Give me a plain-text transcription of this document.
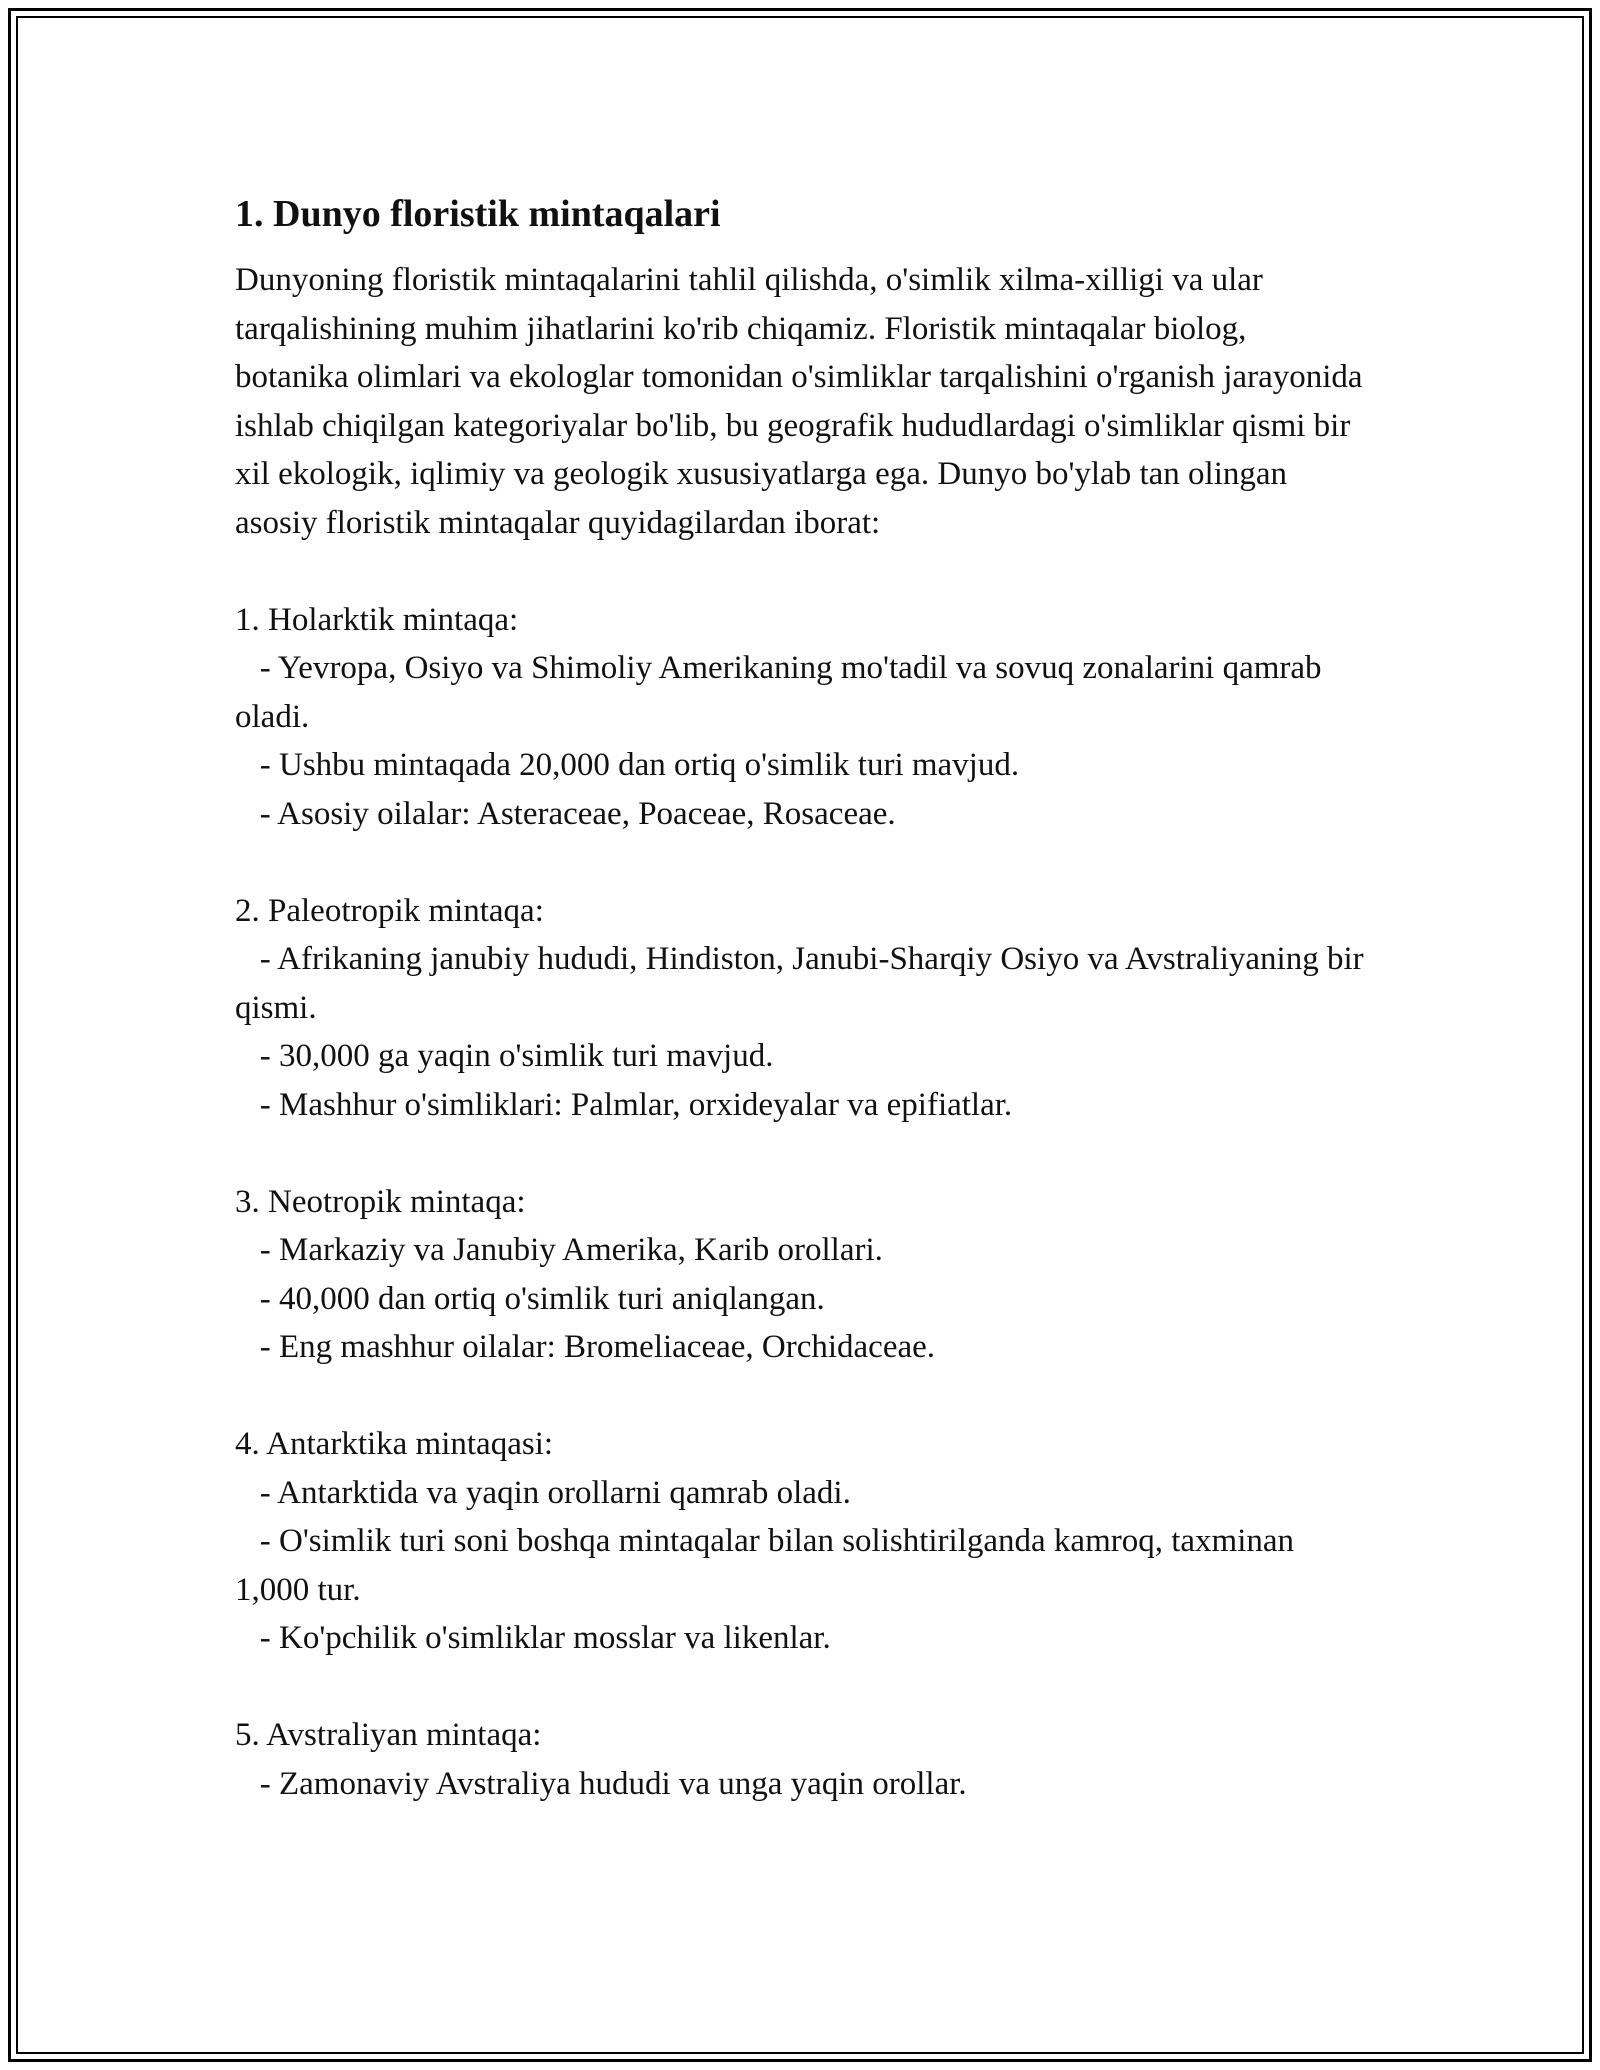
1. Dunyo floristik mintaqalari

Dunyoning floristik mintaqalarini tahlil qilishda, o'simlik xilma-xilligi va ular tarqalishining muhim jihatlarini ko'rib chiqamiz. Floristik mintaqalar biolog, botanika olimlari va ekologlar tomonidan o'simliklar tarqalishini o'rganish jarayonida ishlab chiqilgan kategoriyalar bo'lib, bu geografik hududlardagi o'simliklar qismi bir xil ekologik, iqlimiy va geologik xususiyatlarga ega. Dunyo bo'ylab tan olingan asosiy floristik mintaqalar quyidagilardan iborat:

1. Holarktik mintaqa:

- Yevropa, Osiyo va Shimoliy Amerikaning mo'tadil va sovuq zonalarini qamrab oladi.

- Ushbu mintaqada 20,000 dan ortiq o'simlik turi mavjud.

- Asosiy oilalar: Asteraceae, Poaceae, Rosaceae.

2. Paleotropik mintaqa:

- Afrikaning janubiy hududi, Hindiston, Janubi-Sharqiy Osiyo va Avstraliyaning bir qismi.

- 30,000 ga yaqin o'simlik turi mavjud.

- Mashhur o'simliklari: Palmlar, orxideyalar va epifiatlar.

3. Neotropik mintaqa:

- Markaziy va Janubiy Amerika, Karib orollari.

- 40,000 dan ortiq o'simlik turi aniqlangan.

- Eng mashhur oilalar: Bromeliaceae, Orchidaceae.

4. Antarktika mintaqasi:

- Antarktida va yaqin orollarni qamrab oladi.

- O'simlik turi soni boshqa mintaqalar bilan solishtirilganda kamroq, taxminan 1,000 tur.

- Ko'pchilik o'simliklar mosslar va likenlar.

5. Avstraliyan mintaqa:

- Zamonaviy Avstraliya hududi va unga yaqin orollar.
